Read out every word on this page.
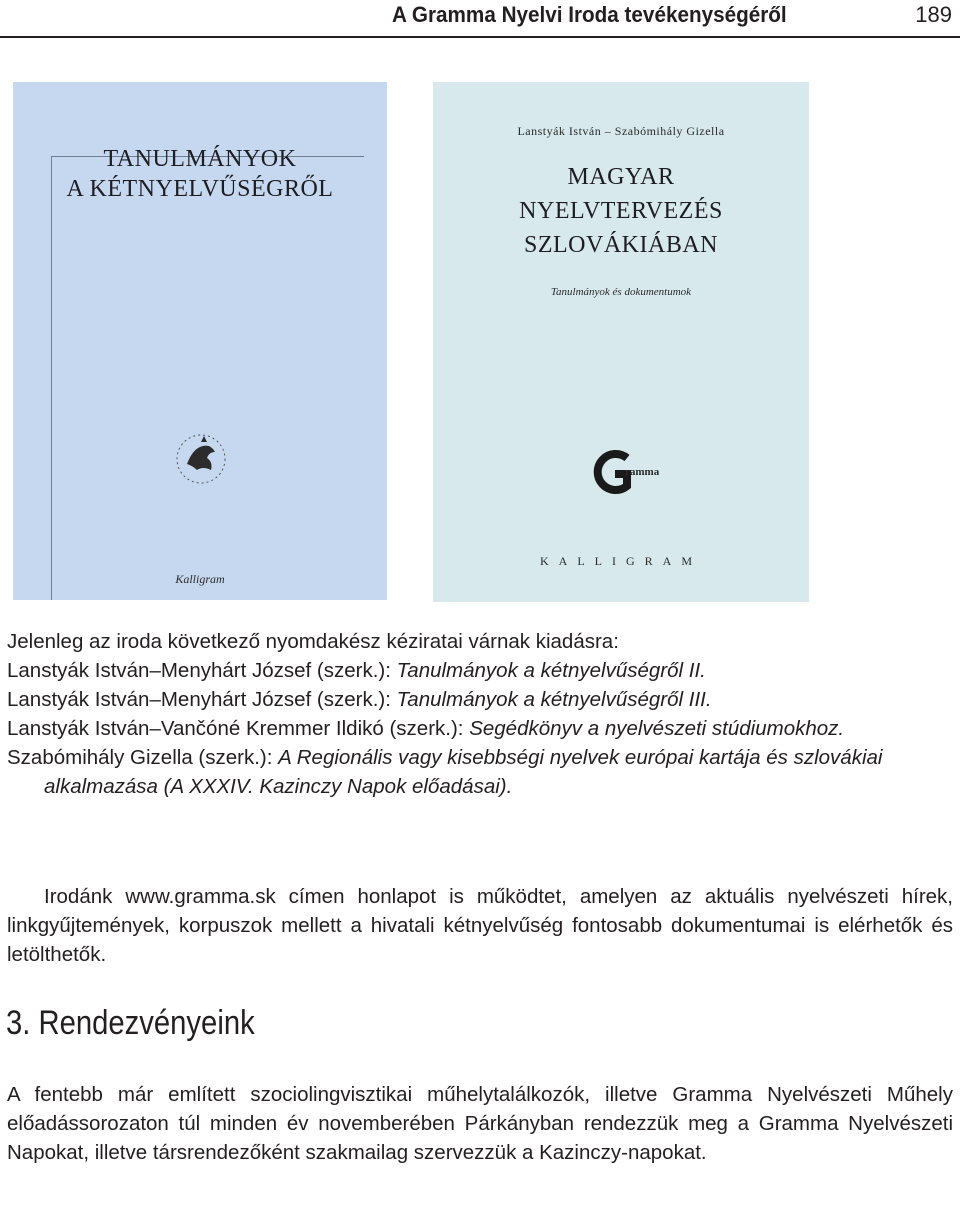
A Gramma Nyelvi Iroda tevékenységéről	189
TANULMÁNYOK
A KÉTNYELVŰSÉGRŐL
Kalligram
Lanstyák István – Szabómihály Gizella
MAGYAR
NYELVTERVEZÉS
SZLOVÁKIÁBAN
Tanulmányok és dokumentumok
ramma
KALLIGRAM

Jelenleg az iroda következő nyomdakész kéziratai várnak kiadásra:

Lanstyák István–Menyhárt József (szerk.): Tanulmányok a kétnyelvűségről II.

Lanstyák István–Menyhárt József (szerk.): Tanulmányok a kétnyelvűségről III.

Lanstyák István–Vančóné Kremmer Ildikó (szerk.): Segédkönyv a nyelvészeti stúdiumokhoz.

Szabómihály Gizella (szerk.): A Regionális vagy kisebbségi nyelvek európai kartája és szlovákiai alkalmazása (A XXXIV. Kazinczy Napok előadásai).

Irodánk www.gramma.sk címen honlapot is működtet, amelyen az aktuális nyelvészeti hírek, linkgyűjtemények, korpuszok mellett a hivatali kétnyelvűség fontosabb dokumentumai is elérhetők és letölthetők.

3. Rendezvényeink

A fentebb már említett szociolingvisztikai műhelytalálkozók, illetve Gramma Nyelvészeti Műhely előadássorozaton túl minden év novemberében Párkányban rendezzük meg a Gramma Nyelvészeti Napokat, illetve társrendezőként szakmailag szervezzük a Kazinczy-napokat.
